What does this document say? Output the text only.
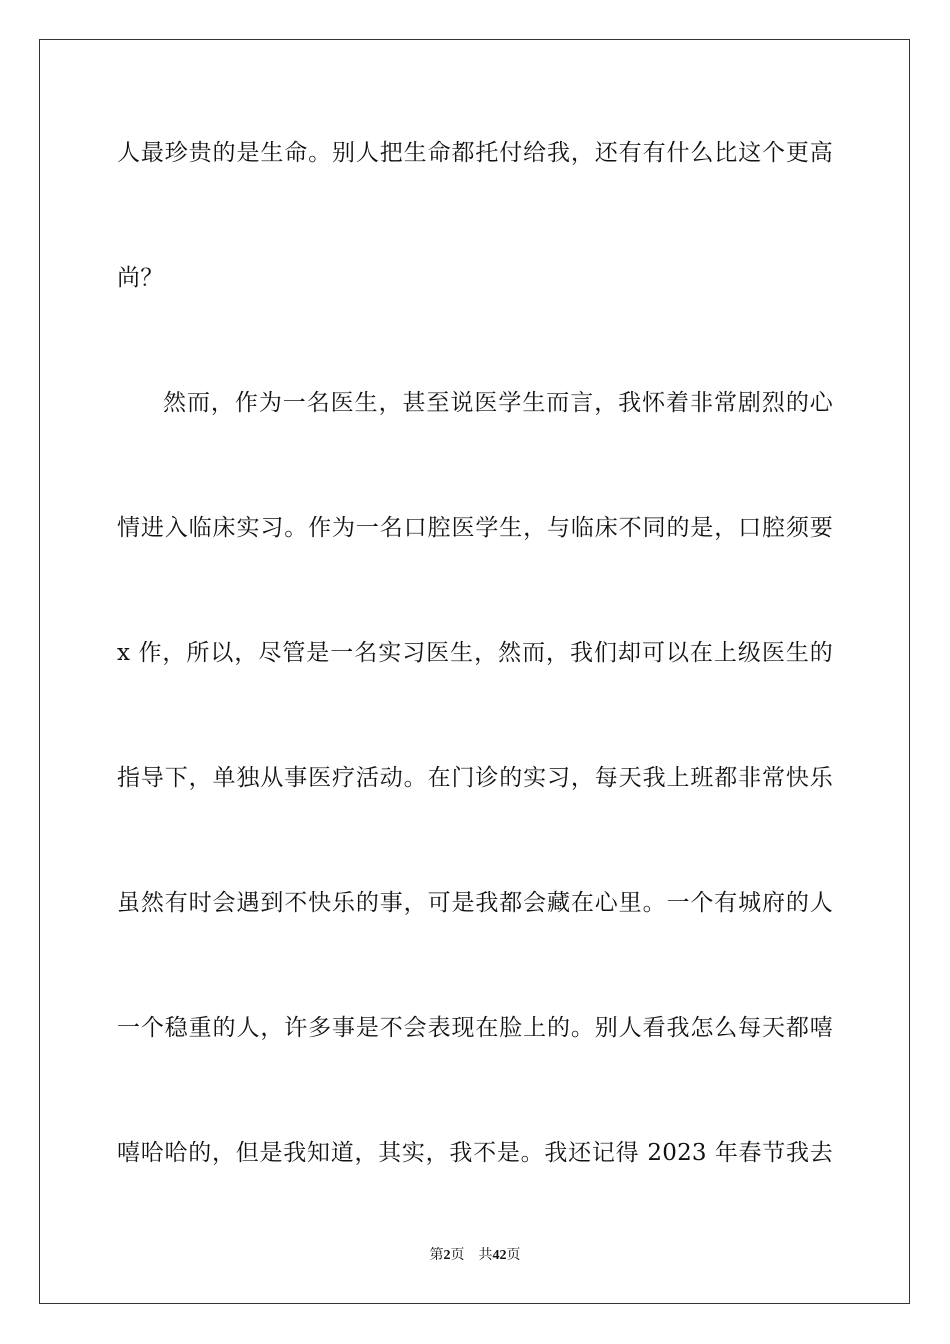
人最珍贵的是生命。别人把生命都托付给我，还有有什么比这个更高
尚？
然而，作为一名医生，甚至说医学生而言，我怀着非常剧烈的心
情进入临床实习。作为一名口腔医学生，与临床不同的是，口腔须要
x 作，所以，尽管是一名实习医生，然而，我们却可以在上级医生的
指导下，单独从事医疗活动。在门诊的实习，每天我上班都非常快乐
虽然有时会遇到不快乐的事，可是我都会藏在心里。一个有城府的人
一个稳重的人，许多事是不会表现在脸上的。别人看我怎么每天都嘻
嘻哈哈的，但是我知道，其实，我不是。我还记得 2023 年春节我去
第2页 共42页
